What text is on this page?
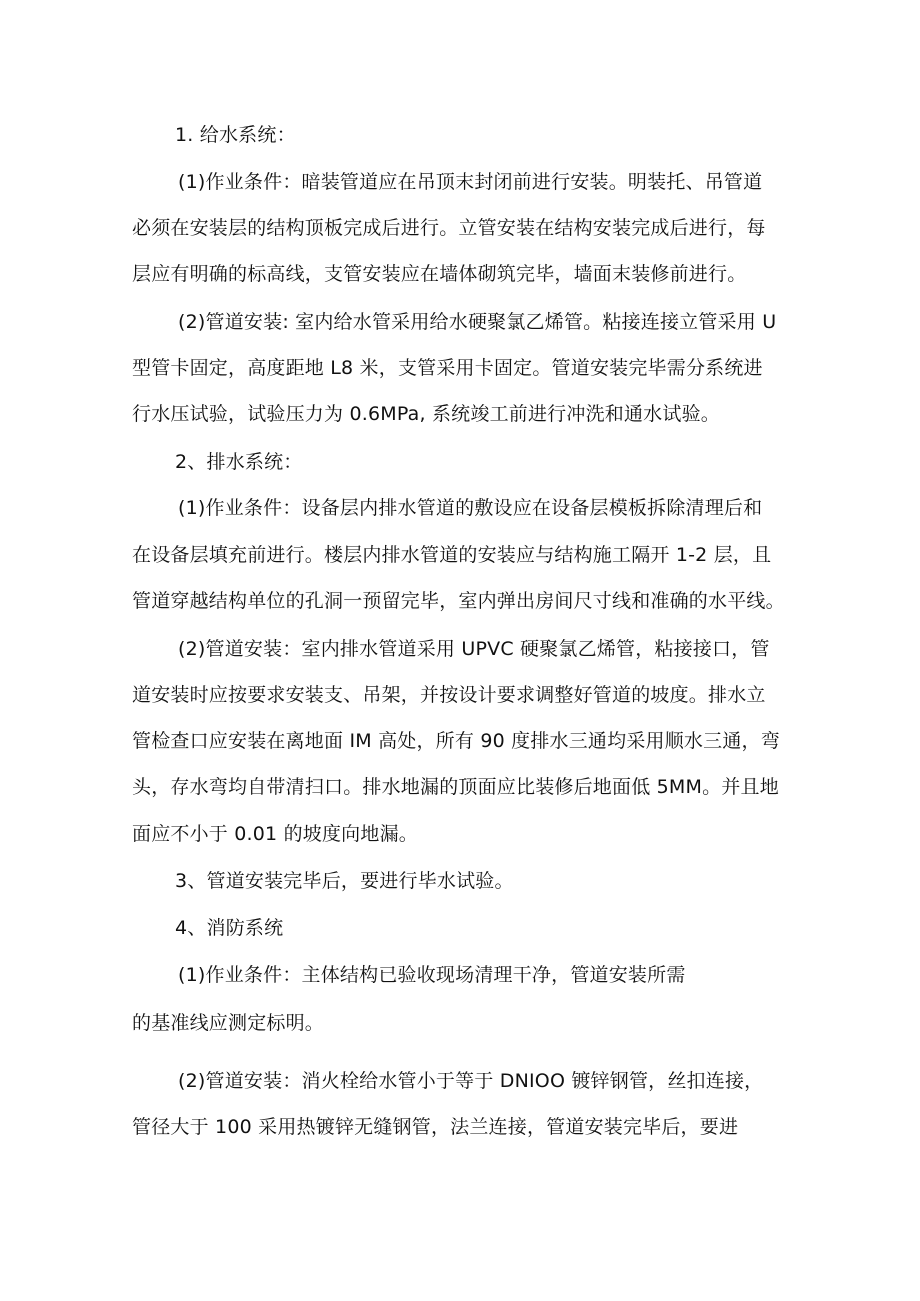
1. 给水系统：
(1)作业条件：暗装管道应在吊顶末封闭前进行安装。明装托、吊管道
必须在安装层的结构顶板完成后进行。立管安装在结构安装完成后进行，每
层应有明确的标高线，支管安装应在墙体砌筑完毕，墙面末装修前进行。
(2)管道安装: 室内给水管采用给水硬聚氯乙烯管。粘接连接立管采用 U
型管卡固定，高度距地 L8 米，支管采用卡固定。管道安装完毕需分系统进
行水压试验，试验压力为 0.6MPa, 系统竣工前进行冲洗和通水试验。
2、排水系统：
(1)作业条件：设备层内排水管道的敷设应在设备层模板拆除清理后和
在设备层填充前进行。楼层内排水管道的安装应与结构施工隔开 1-2 层，且
管道穿越结构单位的孔洞一预留完毕，室内弹出房间尺寸线和准确的水平线。
(2)管道安装：室内排水管道采用 UPVC 硬聚氯乙烯管，粘接接口，管
道安装时应按要求安装支、吊架，并按设计要求调整好管道的坡度。排水立
管检查口应安装在离地面 IM 高处，所有 90 度排水三通均采用顺水三通，弯
头，存水弯均自带清扫口。排水地漏的顶面应比装修后地面低 5MM。并且地
面应不小于 0.01 的坡度向地漏。
3、管道安装完毕后，要进行毕水试验。
4、消防系统
(1)作业条件：主体结构已验收现场清理干净，管道安装所需
的基准线应测定标明。
(2)管道安装：消火栓给水管小于等于 DNIOO 镀锌钢管，丝扣连接，
管径大于 100 采用热镀锌无缝钢管，法兰连接，管道安装完毕后，要进
